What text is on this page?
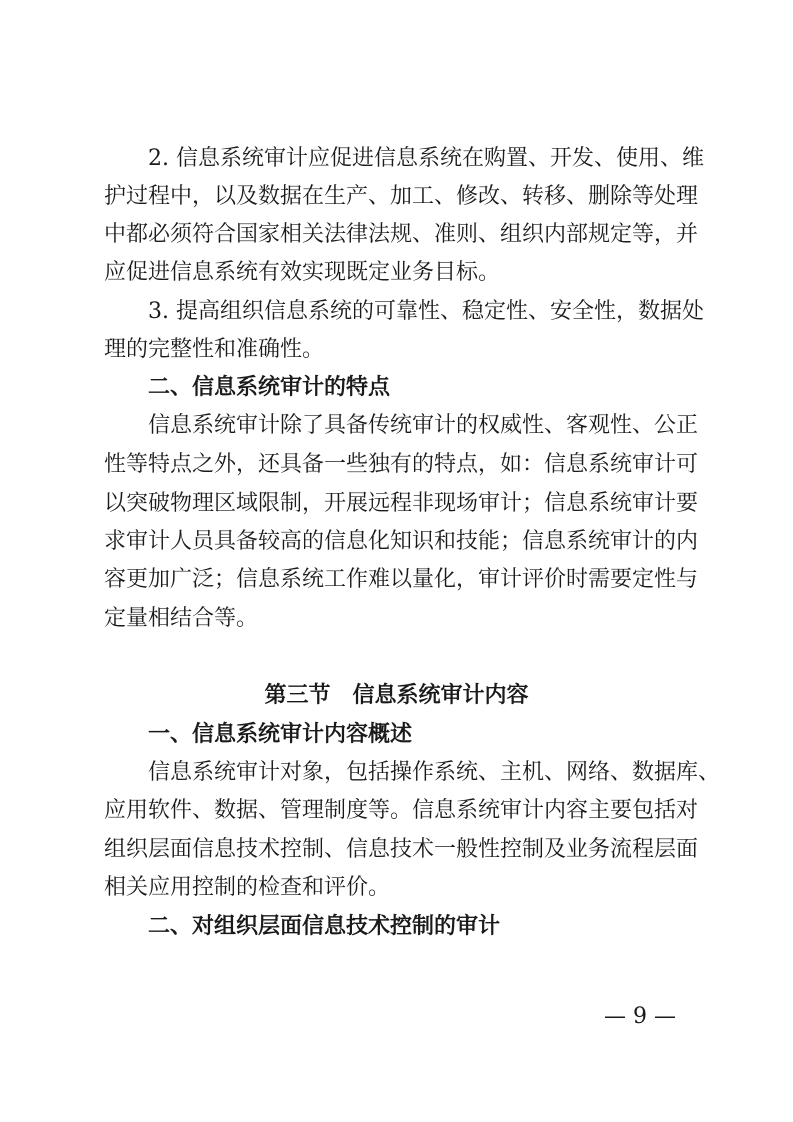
2. 信息系统审计应促进信息系统在购置、开发、使用、维
护过程中，以及数据在生产、加工、修改、转移、删除等处理
中都必须符合国家相关法律法规、准则、组织内部规定等，并
应促进信息系统有效实现既定业务目标。
3. 提高组织信息系统的可靠性、稳定性、安全性，数据处
理的完整性和准确性。
二、信息系统审计的特点
信息系统审计除了具备传统审计的权威性、客观性、公正
性等特点之外，还具备一些独有的特点，如：信息系统审计可
以突破物理区域限制，开展远程非现场审计；信息系统审计要
求审计人员具备较高的信息化知识和技能；信息系统审计的内
容更加广泛；信息系统工作难以量化，审计评价时需要定性与
定量相结合等。
第三节　信息系统审计内容
一、信息系统审计内容概述
信息系统审计对象，包括操作系统、主机、网络、数据库、
应用软件、数据、管理制度等。信息系统审计内容主要包括对
组织层面信息技术控制、信息技术一般性控制及业务流程层面
相关应用控制的检查和评价。
二、对组织层面信息技术控制的审计
— 9 —
